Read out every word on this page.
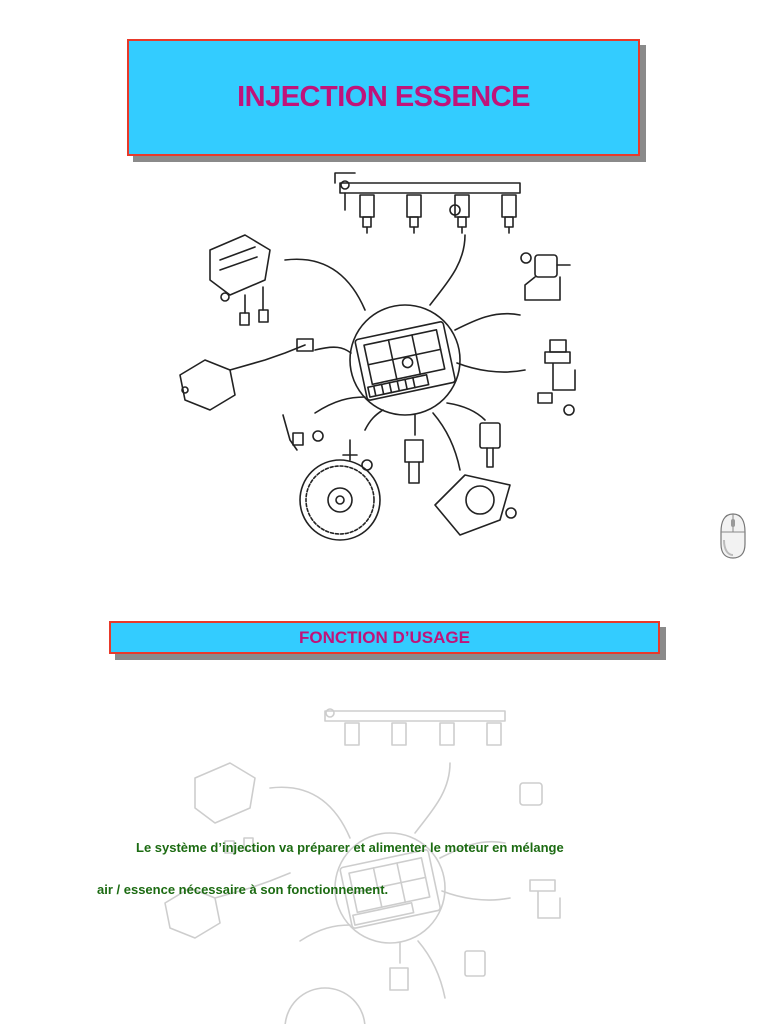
INJECTION ESSENCE
FONCTION D’USAGE
Le système d’injection va préparer et alimenter le moteur en mélange
air / essence nécessaire à son fonctionnement.
